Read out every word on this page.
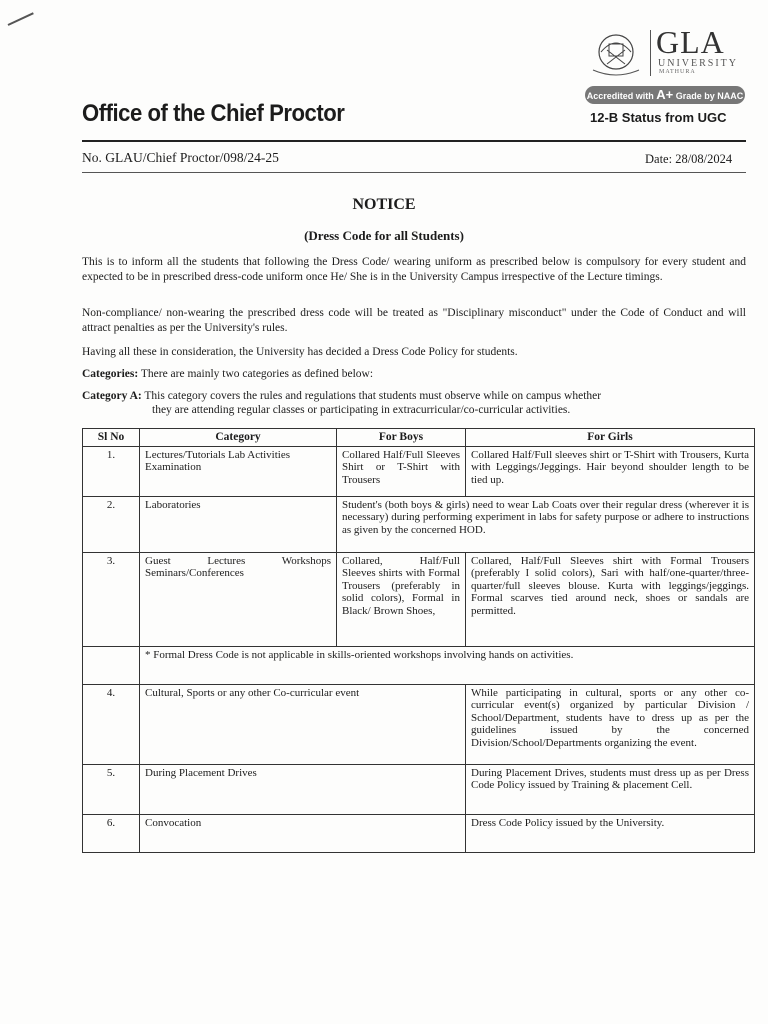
GLA
UNIVERSITY
MATHURA
Accredited with A+ Grade by NAAC
Office of the Chief Proctor	12-B Status from UGC
No. GLAU/Chief Proctor/098/24-25	Date: 28/08/2024
NOTICE
(Dress Code for all Students)
This is to inform all the students that following the Dress Code/ wearing uniform as prescribed below is compulsory for every student and expected to be in prescribed dress-code uniform once He/ She is in the University Campus irrespective of the Lecture timings.
Non-compliance/ non-wearing the prescribed dress code will be treated as "Disciplinary misconduct" under the Code of Conduct and will attract penalties as per the University's rules.
Having all these in consideration, the University has decided a Dress Code Policy for students.
Categories: There are mainly two categories as defined below:
Category A: This category covers the rules and regulations that students must observe while on campus whether
they are attending regular classes or participating in extracurricular/co-curricular activities.
Sl No	Category	For Boys	For Girls
1.	Lectures/Tutorials Lab Activities Examination	Collared Half/Full Sleeves Shirt or T-Shirt with Trousers	Collared Half/Full sleeves shirt or T-Shirt with Trousers, Kurta with Leggings/Jeggings. Hair beyond shoulder length to be tied up.
2.	Laboratories	Student's (both boys & girls) need to wear Lab Coats over their regular dress (wherever it is necessary) during performing experiment in labs for safety purpose or adhere to instructions as given by the concerned HOD.	
3.	Guest Lectures Workshops Seminars/Conferences	Collared, Half/Full Sleeves shirts with Formal Trousers (preferably in solid colors), Formal in Black/ Brown Shoes,	Collared, Half/Full Sleeves shirt with Formal Trousers (preferably I solid colors), Sari with half/one-quarter/three-quarter/full sleeves blouse. Kurta with leggings/jeggings. Formal scarves tied around neck, shoes or sandals are permitted.
	* Formal Dress Code is not applicable in skills-oriented workshops involving hands on activities.		
4.	Cultural, Sports or any other Co-curricular event		While participating in cultural, sports or any other co-curricular event(s) organized by particular Division / School/Department, students have to dress up as per the guidelines issued by the concerned Division/School/Departments organizing the event.
5.	During Placement Drives		During Placement Drives, students must dress up as per Dress Code Policy issued by Training & placement Cell.
6.	Convocation		Dress Code Policy issued by the University.
